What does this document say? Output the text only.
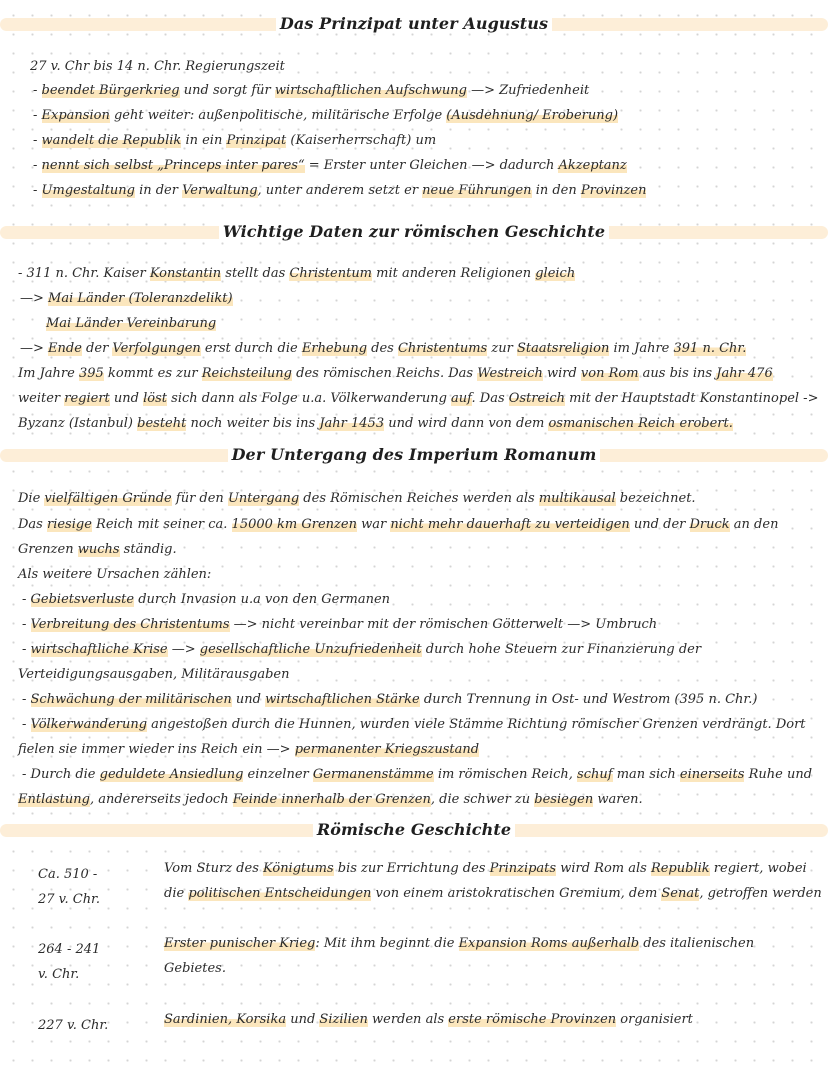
Das Prinzipat unter Augustus
Wichtige Daten zur römischen Geschichte
Der Untergang des Imperium Romanum
Römische Geschichte
27 v. Chr bis 14 n. Chr. Regierungszeit
- beendet Bürgerkrieg und sorgt für wirtschaftlichen Aufschwung —> Zufriedenheit
- Expansion geht weiter: außenpolitische, militärische Erfolge (Ausdehnung/ Eroberung)
- wandelt die Republik in ein Prinzipat (Kaiserherrschaft) um
- nennt sich selbst „Princeps inter pares“ = Erster unter Gleichen —> dadurch Akzeptanz
- Umgestaltung in der Verwaltung, unter anderem setzt er neue Führungen in den Provinzen
- 311 n. Chr. Kaiser Konstantin stellt das Christentum mit anderen Religionen gleich
—> Mai Länder (Toleranzdelikt)
Mai Länder Vereinbarung
—> Ende der Verfolgungen erst durch die Erhebung des Christentums zur Staatsreligion im Jahre 391 n. Chr.
Im Jahre 395 kommt es zur Reichsteilung des römischen Reichs. Das Westreich wird von Rom aus bis ins Jahr 476
weiter regiert und löst sich dann als Folge u.a. Völkerwanderung auf. Das Ostreich mit der Hauptstadt Konstantinopel ->
Byzanz (Istanbul) besteht noch weiter bis ins Jahr 1453 und wird dann von dem osmanischen Reich erobert.
Die vielfältigen Gründe für den Untergang des Römischen Reiches werden als multikausal bezeichnet.
Das riesige Reich mit seiner ca. 15000 km Grenzen war nicht mehr dauerhaft zu verteidigen und der Druck an den
Grenzen wuchs ständig.
Als weitere Ursachen zählen:
- Gebietsverluste durch Invasion u.a von den Germanen
- Verbreitung des Christentums —> nicht vereinbar mit der römischen Götterwelt —> Umbruch
- wirtschaftliche Krise —> gesellschaftliche Unzufriedenheit durch hohe Steuern zur Finanzierung der
Verteidigungsausgaben, Militärausgaben
- Schwächung der militärischen und wirtschaftlichen Stärke durch Trennung in Ost- und Westrom (395 n. Chr.)
- Völkerwanderung angestoßen durch die Hunnen, wurden viele Stämme Richtung römischer Grenzen verdrängt. Dort
fielen sie immer wieder ins Reich ein —> permanenter Kriegszustand
- Durch die geduldete Ansiedlung einzelner Germanenstämme im römischen Reich, schuf man sich einerseits Ruhe und
Entlastung, andererseits jedoch Feinde innerhalb der Grenzen, die schwer zu besiegen waren.
Ca. 510 -
27 v. Chr.
Vom Sturz des Königtums bis zur Errichtung des Prinzipats wird Rom als Republik regiert, wobei
die politischen Entscheidungen von einem aristokratischen Gremium, dem Senat, getroffen werden
264 - 241
v. Chr.
Erster punischer Krieg: Mit ihm beginnt die Expansion Roms außerhalb des italienischen
Gebietes.
227 v. Chr.	Sardinien, Korsika und Sizilien werden als erste römische Provinzen organisiert
